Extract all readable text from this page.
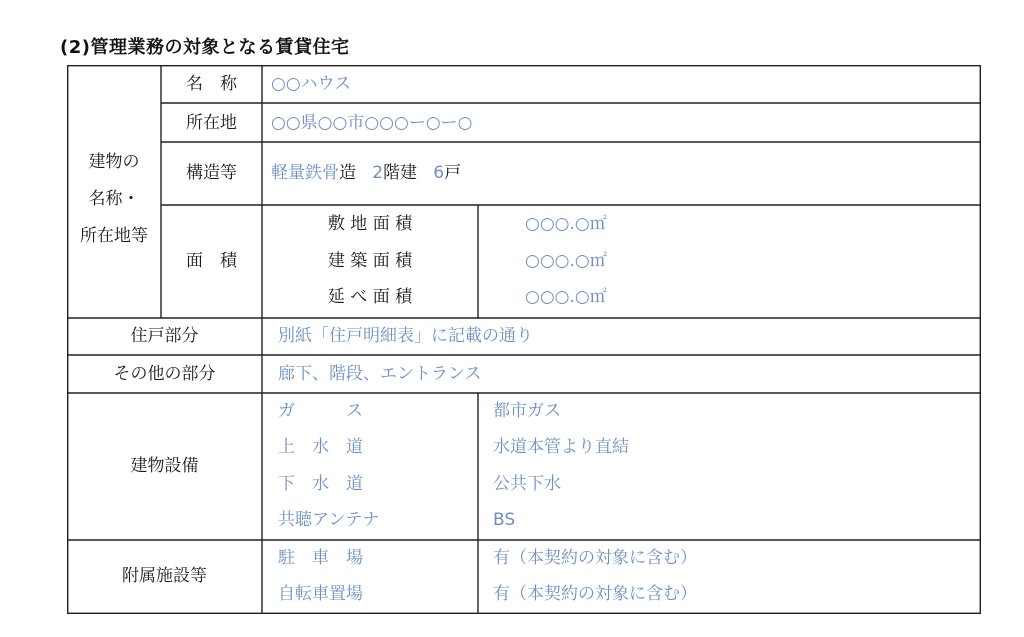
(2)管理業務の対象となる賃貸住宅
建物の
名称・
所在地等
名　称	○○ハウス
所在地	○○県○○市○○○ー○ー○
構造等	軽量鉄骨造 2階建 6戸
面　積
敷 地 面 積	○○○.○㎡
建 築 面 積	○○○.○㎡
延 べ 面 積	○○○.○㎡
住戸部分	別紙「住戸明細表」に記載の通り
その他の部分	廊下、階段、エントランス
建物設備
ガ　　　ス	都市ガス
上　水　道	水道本管より直結
下　水　道	公共下水
共聴アンテナ	BS
附属施設等
駐　車　場	有（本契約の対象に含む）
自転車置場	有（本契約の対象に含む）
